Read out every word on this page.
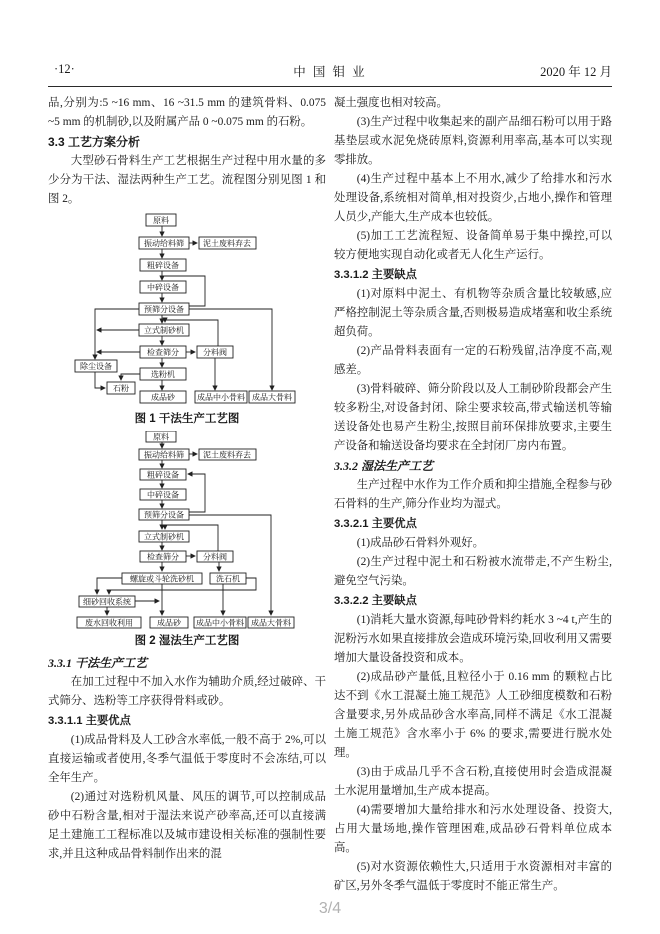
·12·	中 国 钼 业	2020 年 12 月

品,分别为:5 ~16 mm、16 ~31.5 mm 的建筑骨料、0.075 ~5 mm 的机制砂,以及附属产品 0 ~0.075 mm 的石粉。

3.3 工艺方案分析

大型砂石骨料生产工艺根据生产过程中用水量的多少分为干法、湿法两种生产工艺。流程图分别见图 1 和图 2。

原料
振动给料筛 泥土废料弃去
粗碎设备
中碎设备
预筛分设备
立式制砂机
检查筛分	分料阀
除尘设备
选粉机
石粉
成品砂	成品中小骨料 成品大骨料
图 1 干法生产工艺图
原料
振动给料筛 泥土废料弃去
粗碎设备
中碎设备
预筛分设备
立式制砂机
检查筛分	分料阀
螺旋或斗轮洗砂机	洗石机
细砂回收系统
废水回收利用	成品砂 成品中小骨料 成品大骨料
图 2 湿法生产工艺图

3.3.1 干法生产工艺

在加工过程中不加入水作为辅助介质,经过破碎、干式筛分、选粉等工序获得骨料或砂。

3.3.1.1 主要优点

(1)成品骨料及人工砂含水率低,一般不高于 2%,可以直接运输或者使用,冬季气温低于零度时不会冻结,可以全年生产。

(2)通过对选粉机风量、风压的调节,可以控制成品砂中石粉含量,相对于湿法来说产砂率高,还可以直接满足土建施工工程标准以及城市建设相关标准的强制性要求,并且这种成品骨料制作出来的混

凝土强度也相对较高。

(3)生产过程中收集起来的副产品细石粉可以用于路基垫层或水泥免烧砖原料,资源利用率高,基本可以实现零排放。

(4)生产过程中基本上不用水,减少了给排水和污水处理设备,系统相对简单,相对投资少,占地小,操作和管理人员少,产能大,生产成本也较低。

(5)加工工艺流程短、设备简单易于集中操控,可以较方便地实现自动化或者无人化生产运行。

3.3.1.2 主要缺点

(1)对原料中泥土、有机物等杂质含量比较敏感,应严格控制泥土等杂质含量,否则极易造成堵塞和收尘系统超负荷。

(2)产品骨料表面有一定的石粉残留,洁净度不高,观感差。

(3)骨料破碎、筛分阶段以及人工制砂阶段都会产生较多粉尘,对设备封闭、除尘要求较高,带式输送机等输送设备处也易产生粉尘,按照目前环保排放要求,主要生产设备和输送设备均要求在全封闭厂房内布置。

3.3.2 湿法生产工艺

生产过程中水作为工作介质和抑尘措施,全程参与砂石骨料的生产,筛分作业均为湿式。

3.3.2.1 主要优点

(1)成品砂石骨料外观好。

(2)生产过程中泥土和石粉被水流带走,不产生粉尘,避免空气污染。

3.3.2.2 主要缺点

(1)消耗大量水资源,每吨砂骨料约耗水 3 ~4 t,产生的泥粉污水如果直接排放会造成环境污染,回收利用又需要增加大量设备投资和成本。

(2)成品砂产量低,且粒径小于 0.16 mm 的颗粒占比达不到《水工混凝土施工规范》人工砂细度模数和石粉含量要求,另外成品砂含水率高,同样不满足《水工混凝土施工规范》含水率小于 6% 的要求,需要进行脱水处理。

(3)由于成品几乎不含石粉,直接使用时会造成混凝土水泥用量增加,生产成本提高。

(4)需要增加大量给排水和污水处理设备、投资大,占用大量场地,操作管理困难,成品砂石骨料单位成本高。

(5)对水资源依赖性大,只适用于水资源相对丰富的矿区,另外冬季气温低于零度时不能正常生产。

3/4
